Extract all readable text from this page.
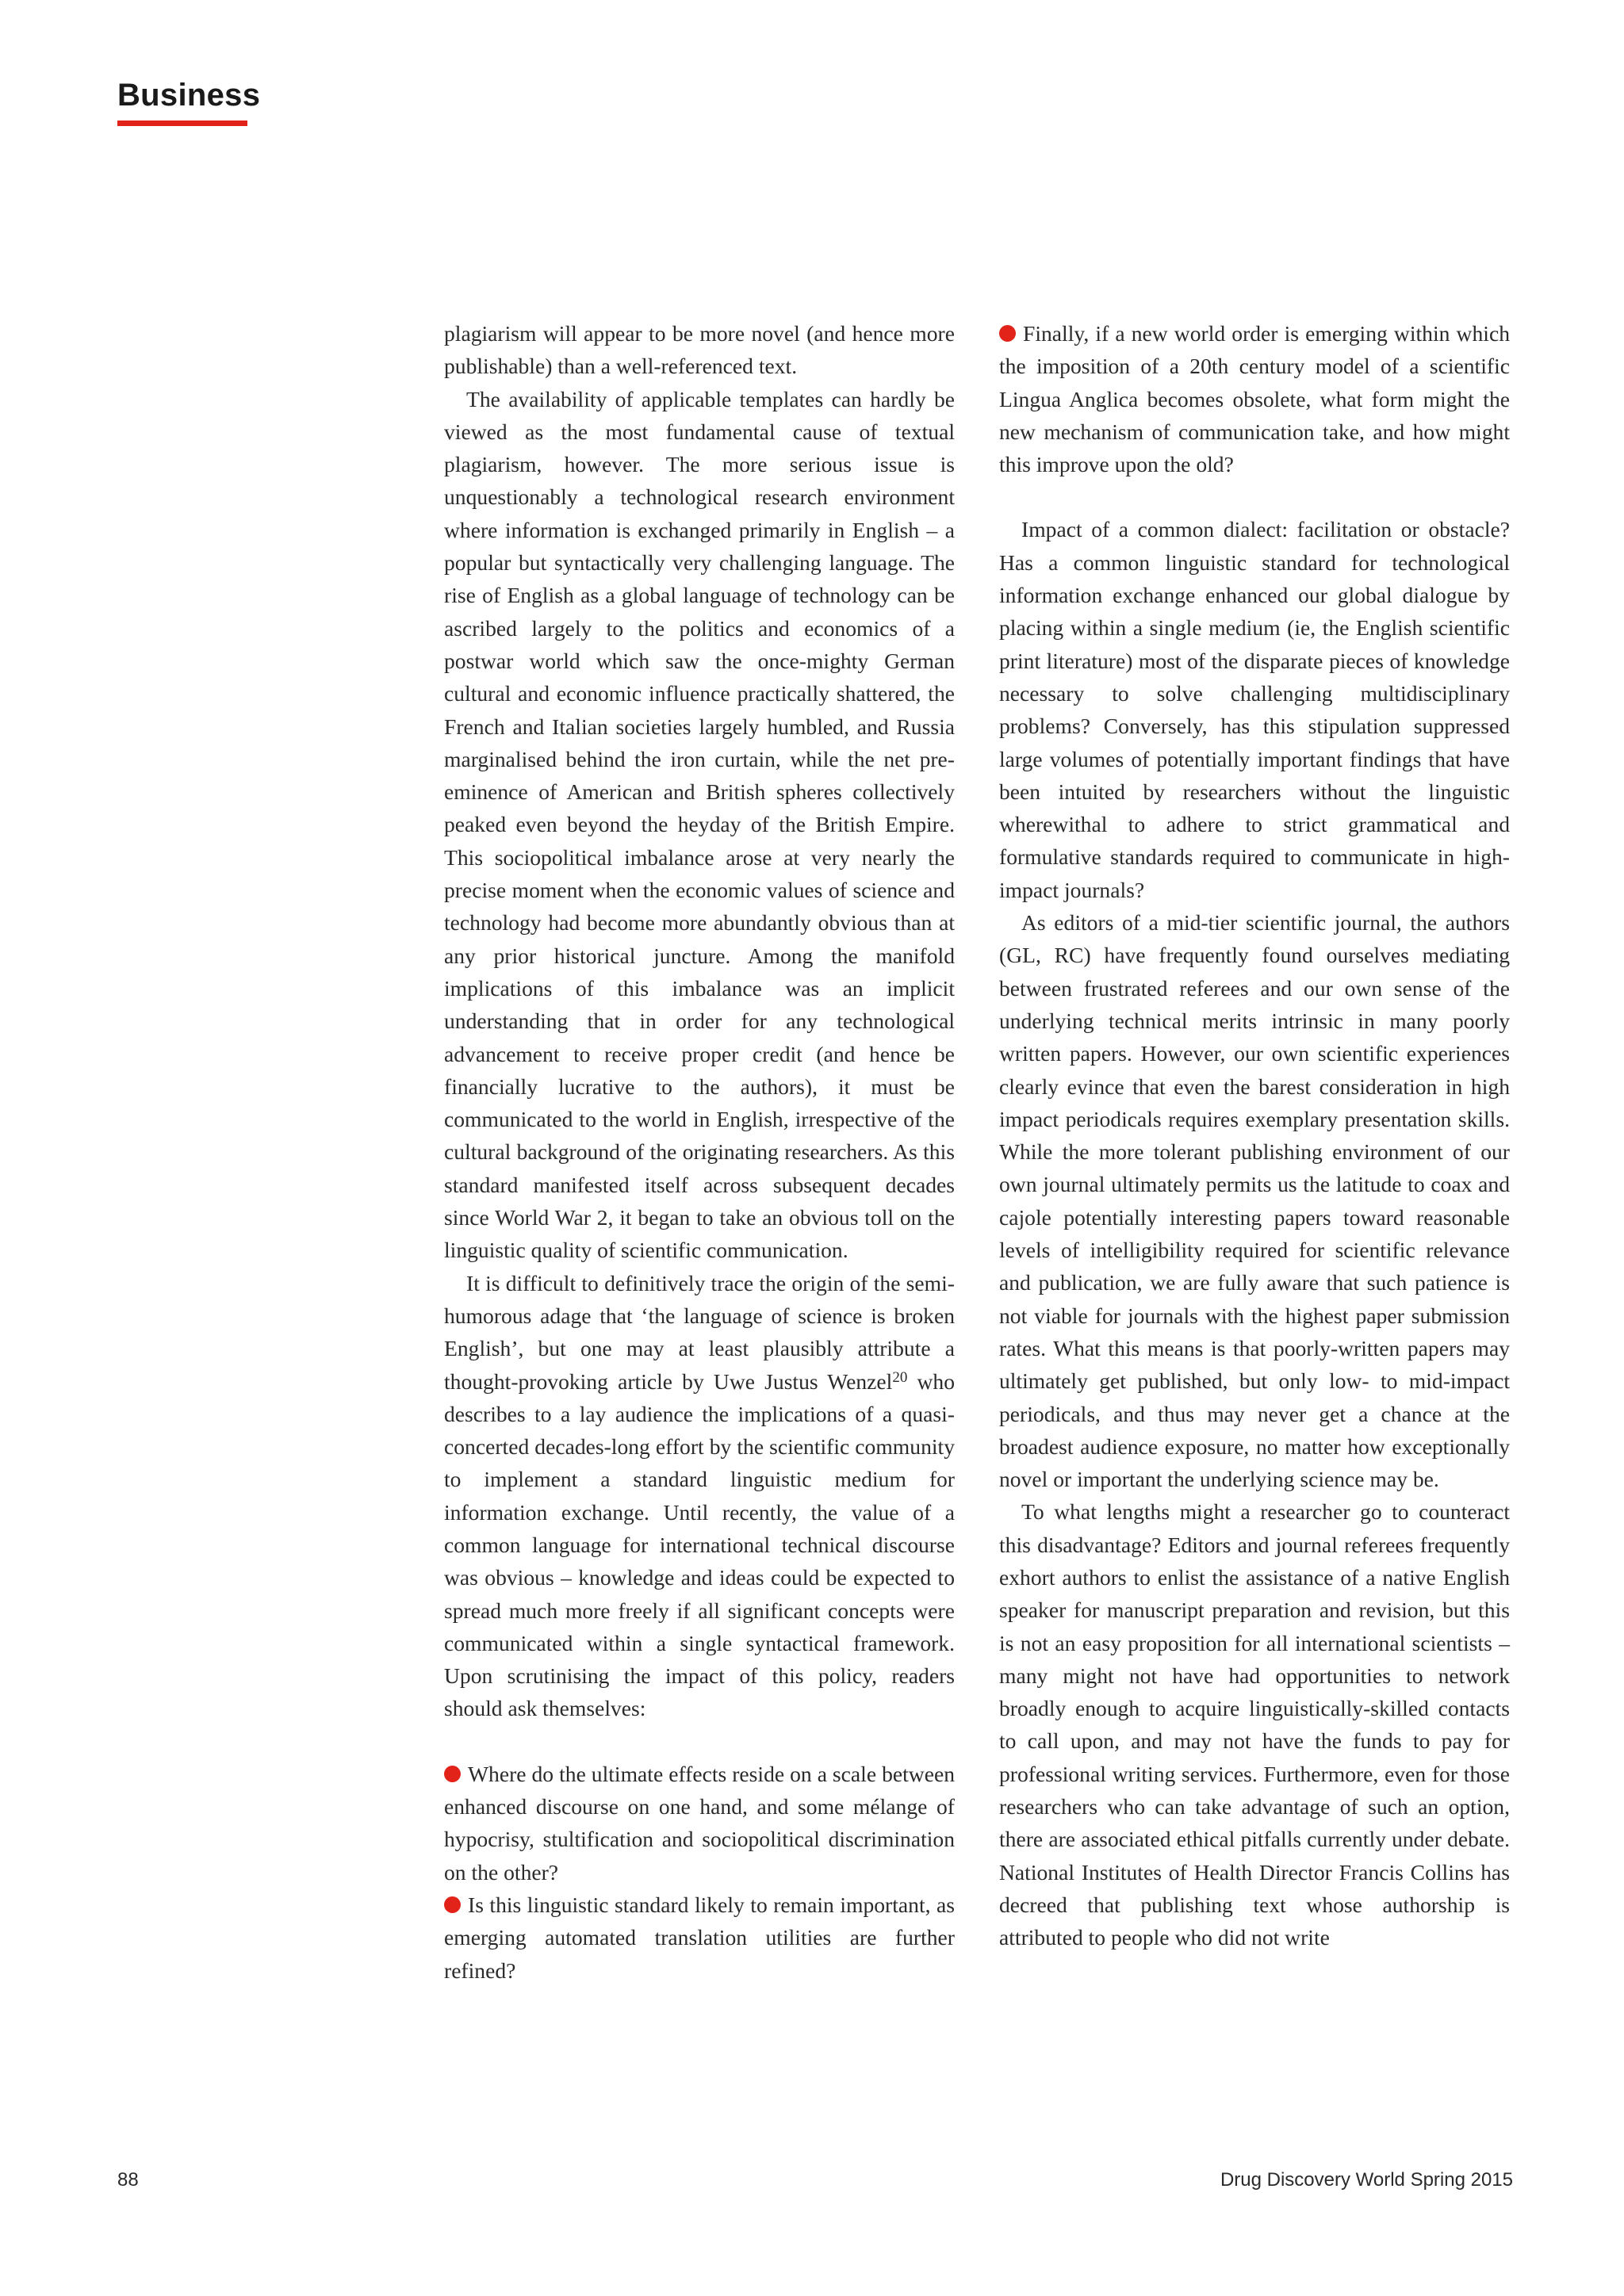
Business

plagiarism will appear to be more novel (and hence more publishable) than a well-referenced text.

The availability of applicable templates can hardly be viewed as the most fundamental cause of textual plagiarism, however. The more serious issue is unquestionably a technological research environment where information is exchanged primarily in English – a popular but syntactically very challenging language. The rise of English as a global language of technology can be ascribed largely to the politics and economics of a postwar world which saw the once-mighty German cultural and economic influence practically shattered, the French and Italian societies largely humbled, and Russia marginalised behind the iron curtain, while the net pre-eminence of American and British spheres collectively peaked even beyond the heyday of the British Empire. This sociopolitical imbalance arose at very nearly the precise moment when the economic values of science and technology had become more abundantly obvious than at any prior historical juncture. Among the manifold implications of this imbalance was an implicit understanding that in order for any technological advancement to receive proper credit (and hence be financially lucrative to the authors), it must be communicated to the world in English, irrespective of the cultural background of the originating researchers. As this standard manifested itself across subsequent decades since World War 2, it began to take an obvious toll on the linguistic quality of scientific communication.

It is difficult to definitively trace the origin of the semi-humorous adage that ‘the language of science is broken English’, but one may at least plausibly attribute a thought-provoking article by Uwe Justus Wenzel$^{20}$ who describes to a lay audience the implications of a quasi-concerted decades-long effort by the scientific community to implement a standard linguistic medium for information exchange. Until recently, the value of a common language for international technical discourse was obvious – knowledge and ideas could be expected to spread much more freely if all significant concepts were communicated within a single syntactical framework. Upon scrutinising the impact of this policy, readers should ask themselves:

Where do the ultimate effects reside on a scale between enhanced discourse on one hand, and some mélange of hypocrisy, stultification and sociopolitical discrimination on the other?

Is this linguistic standard likely to remain important, as emerging automated translation utilities are further refined?

Finally, if a new world order is emerging within which the imposition of a 20th century model of a scientific Lingua Anglica becomes obsolete, what form might the new mechanism of communication take, and how might this improve upon the old?

Impact of a common dialect: facilitation or obstacle? Has a common linguistic standard for technological information exchange enhanced our global dialogue by placing within a single medium (ie, the English scientific print literature) most of the disparate pieces of knowledge necessary to solve challenging multidisciplinary problems? Conversely, has this stipulation suppressed large volumes of potentially important findings that have been intuited by researchers without the linguistic wherewithal to adhere to strict grammatical and formulative standards required to communicate in high-impact journals?

As editors of a mid-tier scientific journal, the authors (GL, RC) have frequently found ourselves mediating between frustrated referees and our own sense of the underlying technical merits intrinsic in many poorly written papers. However, our own scientific experiences clearly evince that even the barest consideration in high impact periodicals requires exemplary presentation skills. While the more tolerant publishing environment of our own journal ultimately permits us the latitude to coax and cajole potentially interesting papers toward reasonable levels of intelligibility required for scientific relevance and publication, we are fully aware that such patience is not viable for journals with the highest paper submission rates. What this means is that poorly-written papers may ultimately get published, but only low- to mid-impact periodicals, and thus may never get a chance at the broadest audience exposure, no matter how exceptionally novel or important the underlying science may be.

To what lengths might a researcher go to counteract this disadvantage? Editors and journal referees frequently exhort authors to enlist the assistance of a native English speaker for manuscript preparation and revision, but this is not an easy proposition for all international scientists – many might not have had opportunities to network broadly enough to acquire linguistically-skilled contacts to call upon, and may not have the funds to pay for professional writing services. Furthermore, even for those researchers who can take advantage of such an option, there are associated ethical pitfalls currently under debate. National Institutes of Health Director Francis Collins has decreed that publishing text whose authorship is attributed to people who did not write

88	Drug Discovery World Spring 2015
